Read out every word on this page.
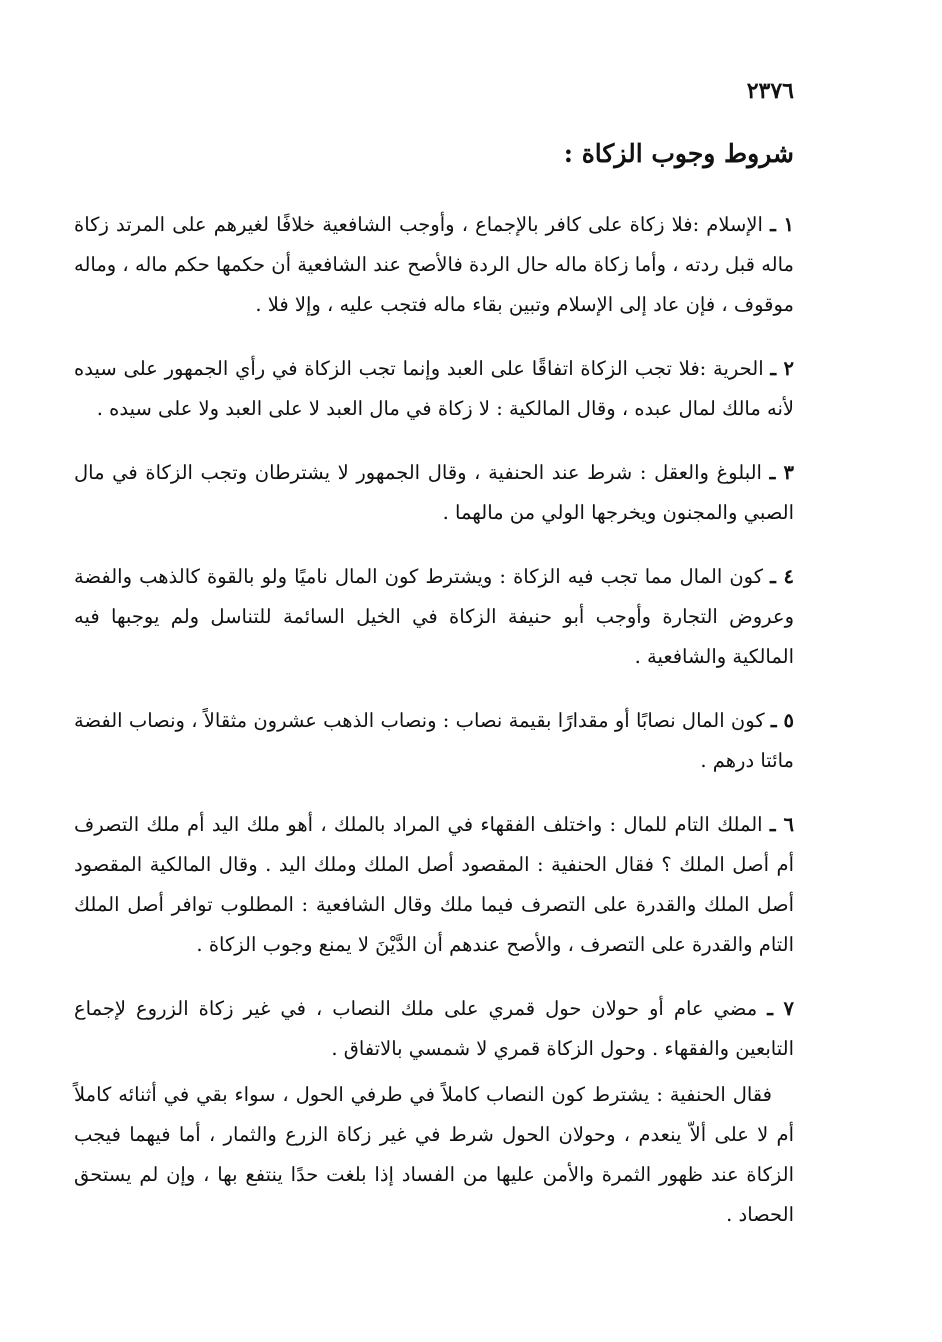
٢٣٧٦
شروط وجوب الزكاة :

١ ـ الإسلام :فلا زكاة على كافر بالإجماع ، وأوجب الشافعية خلافًا لغيرهم على المرتد زكاة ماله قبل ردته ، وأما زكاة ماله حال الردة فالأصح عند الشافعية أن حكمها حكم ماله ، وماله موقوف ، فإن عاد إلى الإسلام وتبين بقاء ماله فتجب عليه ، وإلا فلا .

٢ ـ الحرية :فلا تجب الزكاة اتفاقًا على العبد وإنما تجب الزكاة في رأي الجمهور على سيده لأنه مالك لمال عبده ، وقال المالكية : لا زكاة في مال العبد لا على العبد ولا على سيده .

٣ ـ البلوغ والعقل : شرط عند الحنفية ، وقال الجمهور لا يشترطان وتجب الزكاة في مال الصبي والمجنون ويخرجها الولي من مالهما .

٤ ـ كون المال مما تجب فيه الزكاة : ويشترط كون المال ناميًا ولو بالقوة كالذهب والفضة وعروض التجارة وأوجب أبو حنيفة الزكاة في الخيل السائمة للتناسل ولم يوجبها فيه المالكية والشافعية .

٥ ـ كون المال نصابًا أو مقدارًا بقيمة نصاب : ونصاب الذهب عشرون مثقالاً ، ونصاب الفضة مائتا درهم .

٦ ـ الملك التام للمال : واختلف الفقهاء في المراد بالملك ، أهو ملك اليد أم ملك التصرف أم أصل الملك ؟ فقال الحنفية : المقصود أصل الملك وملك اليد . وقال المالكية المقصود أصل الملك والقدرة على التصرف فيما ملك وقال الشافعية : المطلوب توافر أصل الملك التام والقدرة على التصرف ، والأصح عندهم أن الدَّيْنَ لا يمنع وجوب الزكاة .

٧ ـ مضي عام أو حولان حول قمري على ملك النصاب ، في غير زكاة الزروع لإجماع التابعين والفقهاء . وحول الزكاة قمري لا شمسي بالاتفاق .

فقال الحنفية : يشترط كون النصاب كاملاً في طرفي الحول ، سواء بقي في أثنائه كاملاً أم لا على ألاّ ينعدم ، وحولان الحول شرط في غير زكاة الزرع والثمار ، أما فيهما فيجب الزكاة عند ظهور الثمرة والأمن عليها من الفساد إذا بلغت حدًا ينتفع بها ، وإن لم يستحق الحصاد .
